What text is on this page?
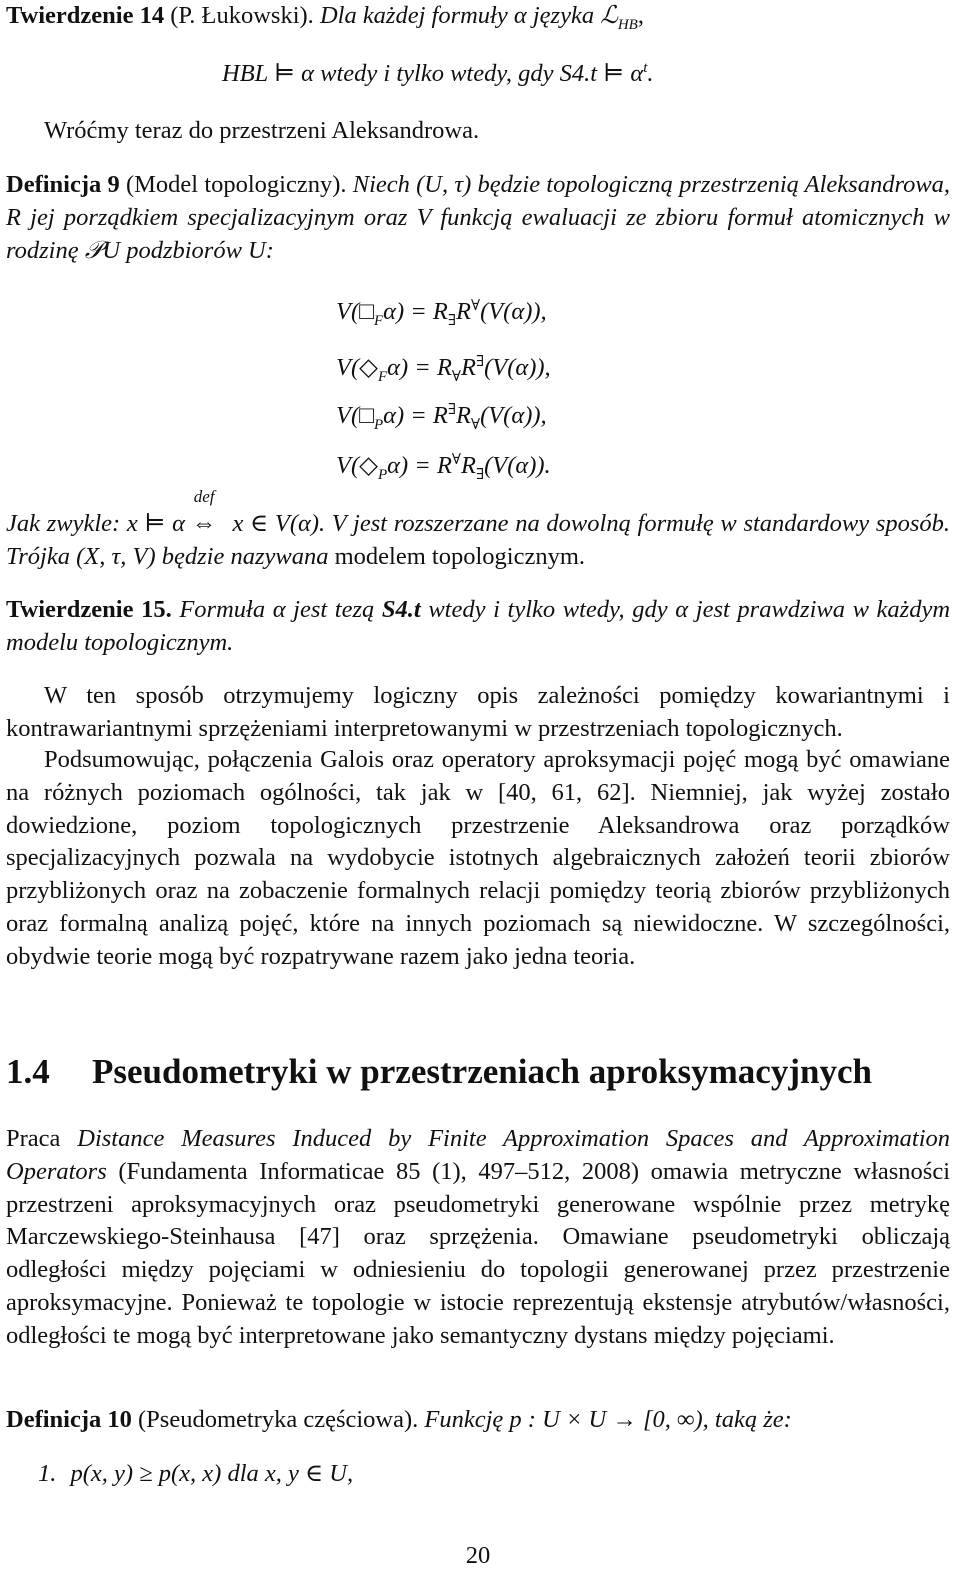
Twierdzenie 14 (P. Łukowski). Dla każdej formuły α języka ℒ$_{HB}$,

HBL ⊨ α wtedy i tylko wtedy, gdy S4.t ⊨ $\alpha^t$.

Wróćmy teraz do przestrzeni Aleksandrowa.

Definicja 9 (Model topologiczny). Niech (U, τ) będzie topologiczną przestrzenią Aleksandrowa, R jej porządkiem specjalizacyjnym oraz V funkcją ewaluacji ze zbioru formuł atomicznych w rodzinę 𝒫U podzbiorów U:

$V(□_F\alpha) = R_\exists R^\forall(V(\alpha))$,
$V(◇_F\alpha) = R_\forall R^\exists(V(\alpha))$,
$V(□_P\alpha) = R^\exists R_\forall(V(\alpha))$,
$V(◇_P\alpha) = R^\forall R_\exists(V(\alpha))$.

Jak zwykle: x ⊨ α
def
⇔ x ∈ V(α). V jest rozszerzane na dowolną formułę w standardowy sposób. Trójka (X, τ, V) będzie nazywana modelem topologicznym.

Twierdzenie 15. Formuła α jest tezą S4.t wtedy i tylko wtedy, gdy α jest prawdziwa w każdym modelu topologicznym.

W ten sposób otrzymujemy logiczny opis zależności pomiędzy kowariantnymi i kontrawariantnymi sprzężeniami interpretowanymi w przestrzeniach topologicznych.

Podsumowując, połączenia Galois oraz operatory aproksymacji pojęć mogą być omawiane na różnych poziomach ogólności, tak jak w [40, 61, 62]. Niemniej, jak wyżej zostało dowiedzione, poziom topologicznych przestrzenie Aleksandrowa oraz porządków specjalizacyjnych pozwala na wydobycie istotnych algebraicznych założeń teorii zbiorów przybliżonych oraz na zobaczenie formalnych relacji pomiędzy teorią zbiorów przybliżonych oraz formalną analizą pojęć, które na innych poziomach są niewidoczne. W szczególności, obydwie teorie mogą być rozpatrywane razem jako jedna teoria.

1.4 Pseudometryki w przestrzeniach aproksymacyjnych

Praca Distance Measures Induced by Finite Approximation Spaces and Approximation Operators (Fundamenta Informaticae 85 (1), 497–512, 2008) omawia metryczne własności przestrzeni aproksymacyjnych oraz pseudometryki generowane wspólnie przez metrykę Marczewskiego-Steinhausa [47] oraz sprzężenia. Omawiane pseudometryki obliczają odległości między pojęciami w odniesieniu do topologii generowanej przez przestrzenie aproksymacyjne. Ponieważ te topologie w istocie reprezentują ekstensje atrybutów/własności, odległości te mogą być interpretowane jako semantyczny dystans między pojęciami.

Definicja 10 (Pseudometryka częściowa). Funkcję p : U × U → [0, ∞), taką że:

1. p(x, y) ≥ p(x, x) dla x, y ∈ U,

20
